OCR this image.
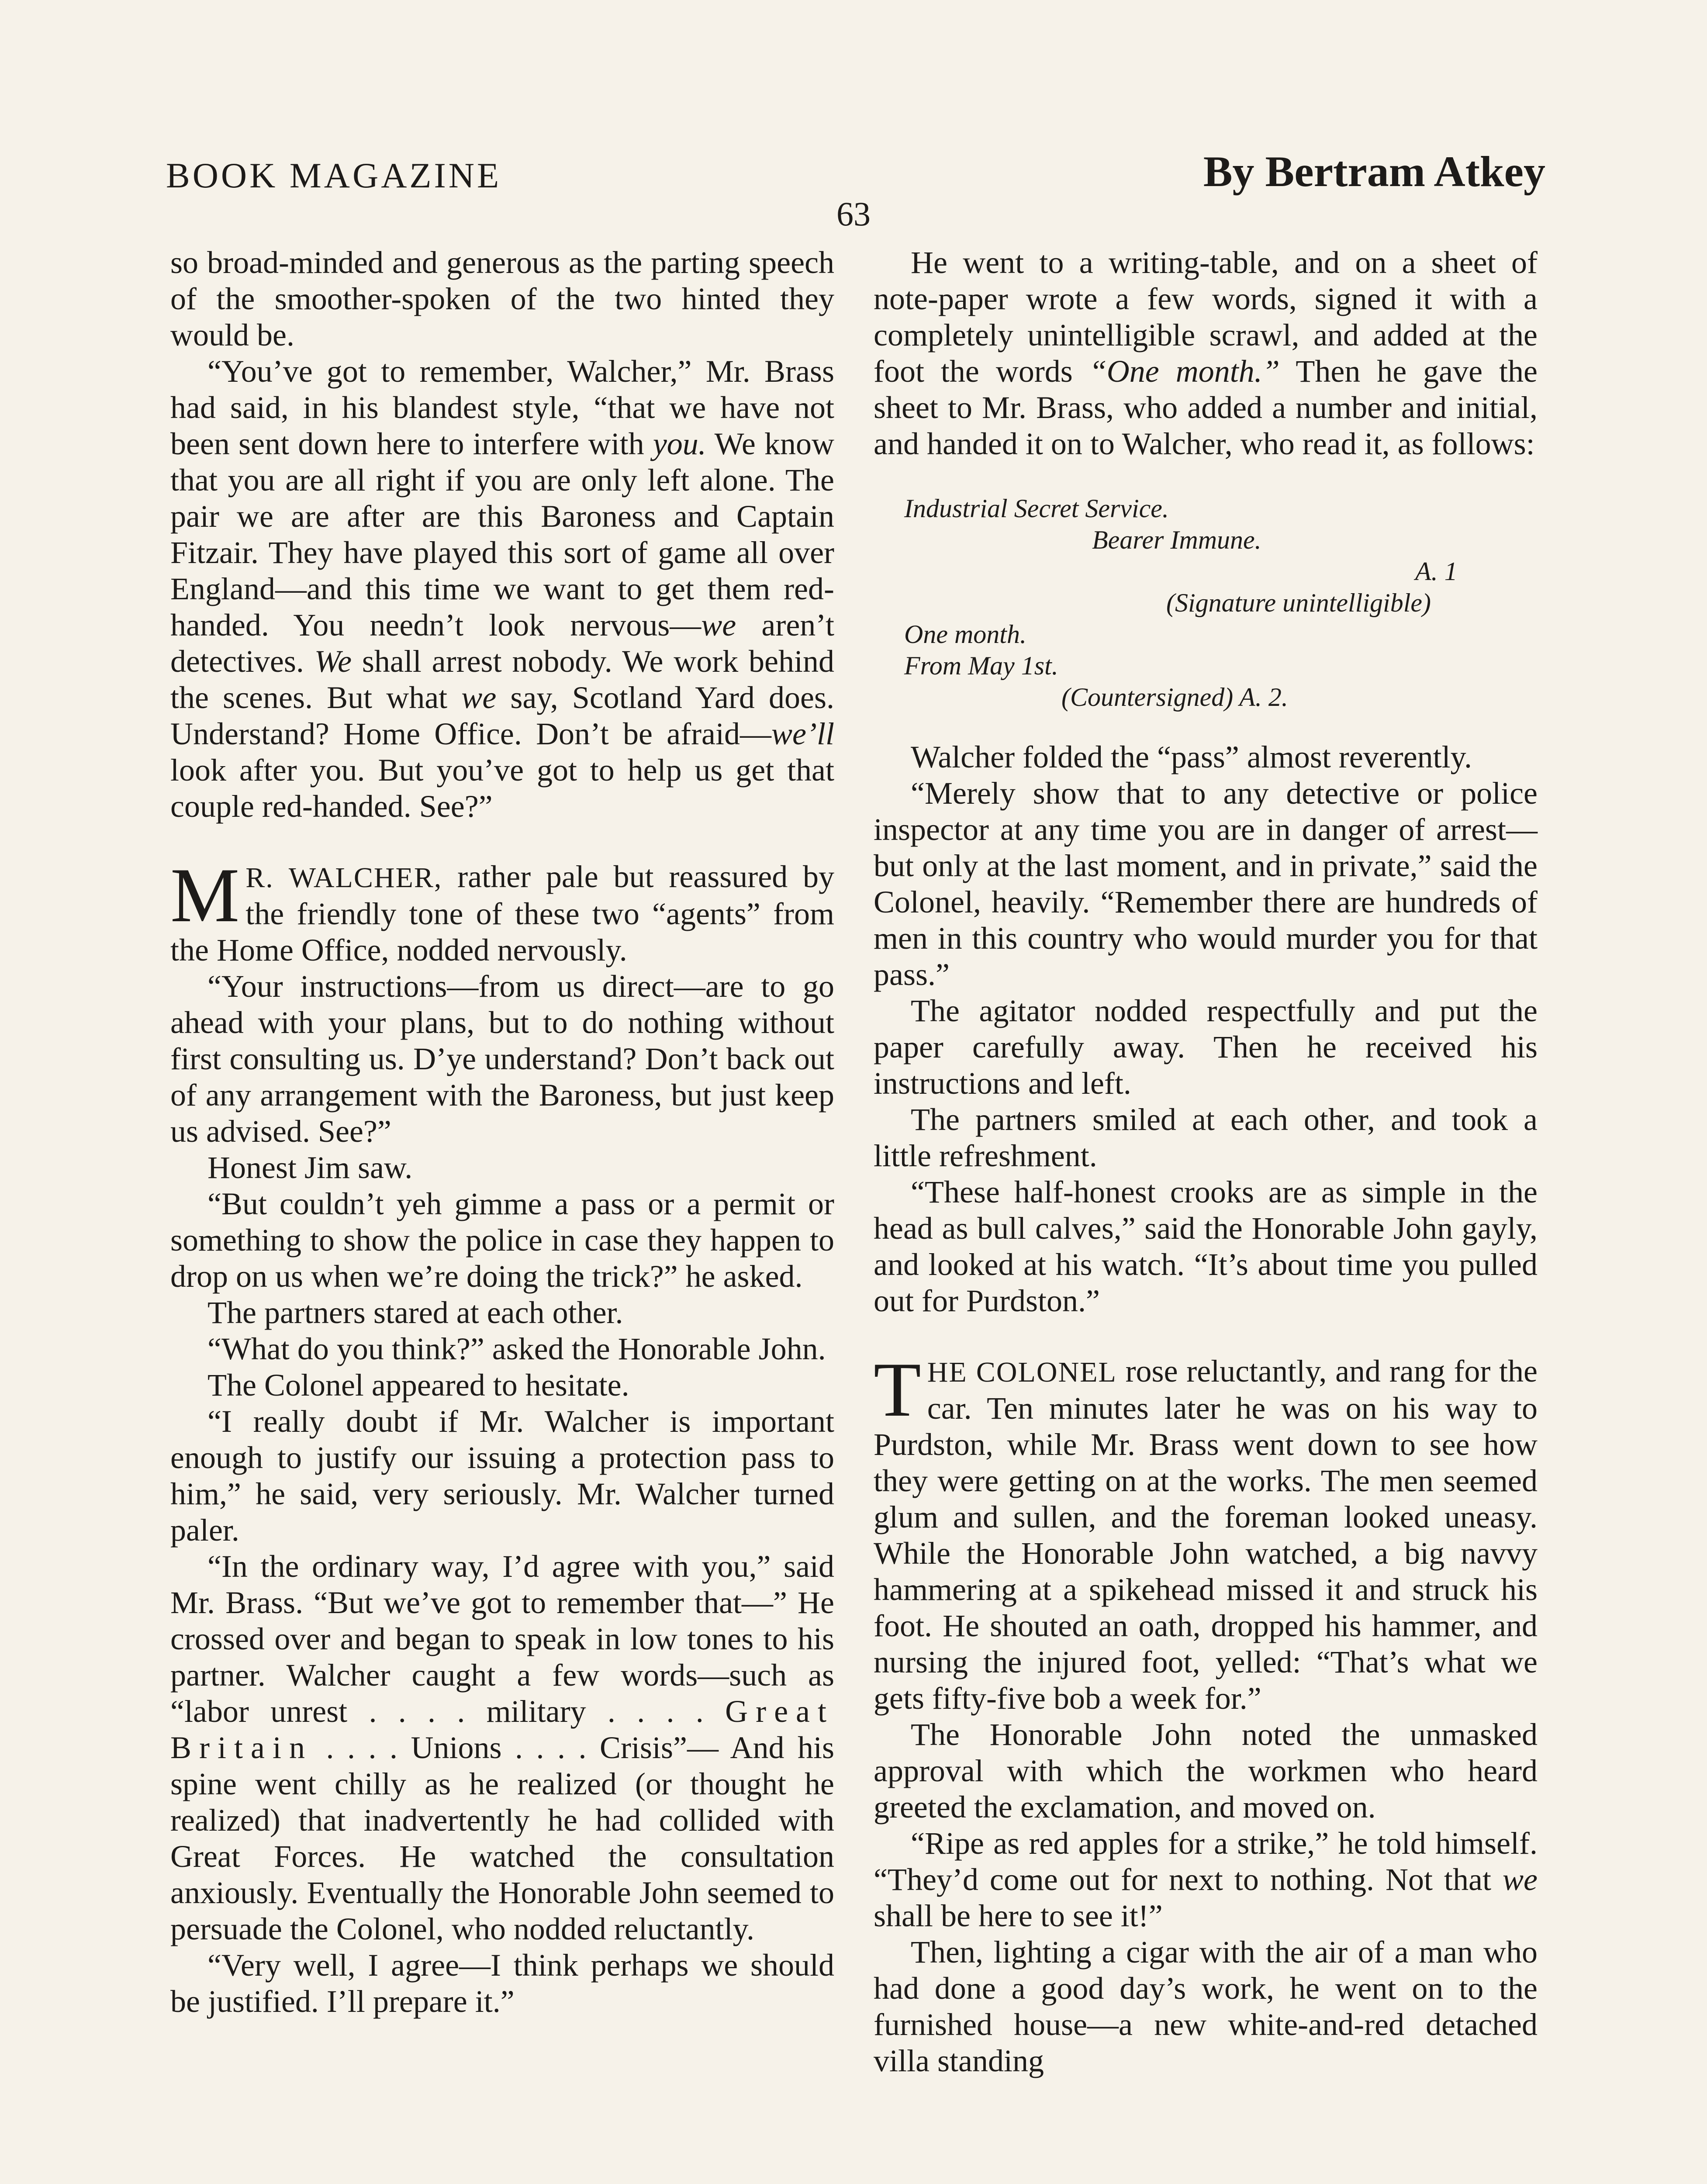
BOOK MAGAZINE	By Bertram Atkey
63

so broad-minded and generous as the parting speech of the smoother-spoken of the two hinted they would be.

“You’ve got to remember, Walcher,” Mr. Brass had said, in his blandest style, “that we have not been sent down here to interfere with you. We know that you are all right if you are only left alone. The pair we are after are this Baroness and Captain Fitzair. They have played this sort of game all over England—and this time we want to get them red-handed. You needn’t look nervous—we aren’t detectives. We shall arrest nobody. We work behind the scenes. But what we say, Scotland Yard does. Understand? Home Office. Don’t be afraid—we’ll look after you. But you’ve got to help us get that couple red-handed. See?”

M R. WALCHER, rather pale but reassured by the friendly tone of these two “agents” from the Home Office, nodded nervously.

“Your instructions—from us direct—are to go ahead with your plans, but to do nothing without first consulting us. D’ye understand? Don’t back out of any arrangement with the Baroness, but just keep us advised. See?”

Honest Jim saw.

“But couldn’t yeh gimme a pass or a permit or something to show the police in case they happen to drop on us when we’re doing the trick?” he asked.

The partners stared at each other.

“What do you think?” asked the Honorable John.

The Colonel appeared to hesitate.

“I really doubt if Mr. Walcher is important enough to justify our issuing a protection pass to him,” he said, very seriously. Mr. Walcher turned paler.

“In the ordinary way, I’d agree with you,” said Mr. Brass. “But we’ve got to remember that—” He crossed over and began to speak in low tones to his partner. Walcher caught a few words—such as “labor unrest . . . . military . . . . Great Britain . . . . Unions . . . . Crisis”— And his spine went chilly as he realized (or thought he realized) that inadvertently he had collided with Great Forces. He watched the consultation anxiously. Eventually the Honorable John seemed to persuade the Colonel, who nodded reluctantly.

“Very well, I agree—I think perhaps we should be justified. I’ll prepare it.”

He went to a writing-table, and on a sheet of note-paper wrote a few words, signed it with a completely unintelligible scrawl, and added at the foot the words “One month.” Then he gave the sheet to Mr. Brass, who added a number and initial, and handed it on to Walcher, who read it, as follows:

Industrial Secret Service.
Bearer Immune.
A. 1
(Signature unintelligible)
One month.
From May 1st.
(Countersigned) A. 2.

Walcher folded the “pass” almost reverently.

“Merely show that to any detective or police inspector at any time you are in danger of arrest—but only at the last moment, and in private,” said the Colonel, heavily. “Remember there are hundreds of men in this country who would murder you for that pass.”

The agitator nodded respectfully and put the paper carefully away. Then he received his instructions and left.

The partners smiled at each other, and took a little refreshment.

“These half-honest crooks are as simple in the head as bull calves,” said the Honorable John gayly, and looked at his watch. “It’s about time you pulled out for Purdston.”

THE COLONEL rose reluctantly, and rang for the car. Ten minutes later he was on his way to Purdston, while Mr. Brass went down to see how they were getting on at the works. The men seemed glum and sullen, and the foreman looked uneasy. While the Honorable John watched, a big navvy hammering at a spikehead missed it and struck his foot. He shouted an oath, dropped his hammer, and nursing the injured foot, yelled: “That’s what we gets fifty-five bob a week for.”

The Honorable John noted the unmasked approval with which the workmen who heard greeted the exclamation, and moved on.

“Ripe as red apples for a strike,” he told himself. “They’d come out for next to nothing. Not that we shall be here to see it!”

Then, lighting a cigar with the air of a man who had done a good day’s work, he went on to the furnished house—a new white-and-red detached villa standing
